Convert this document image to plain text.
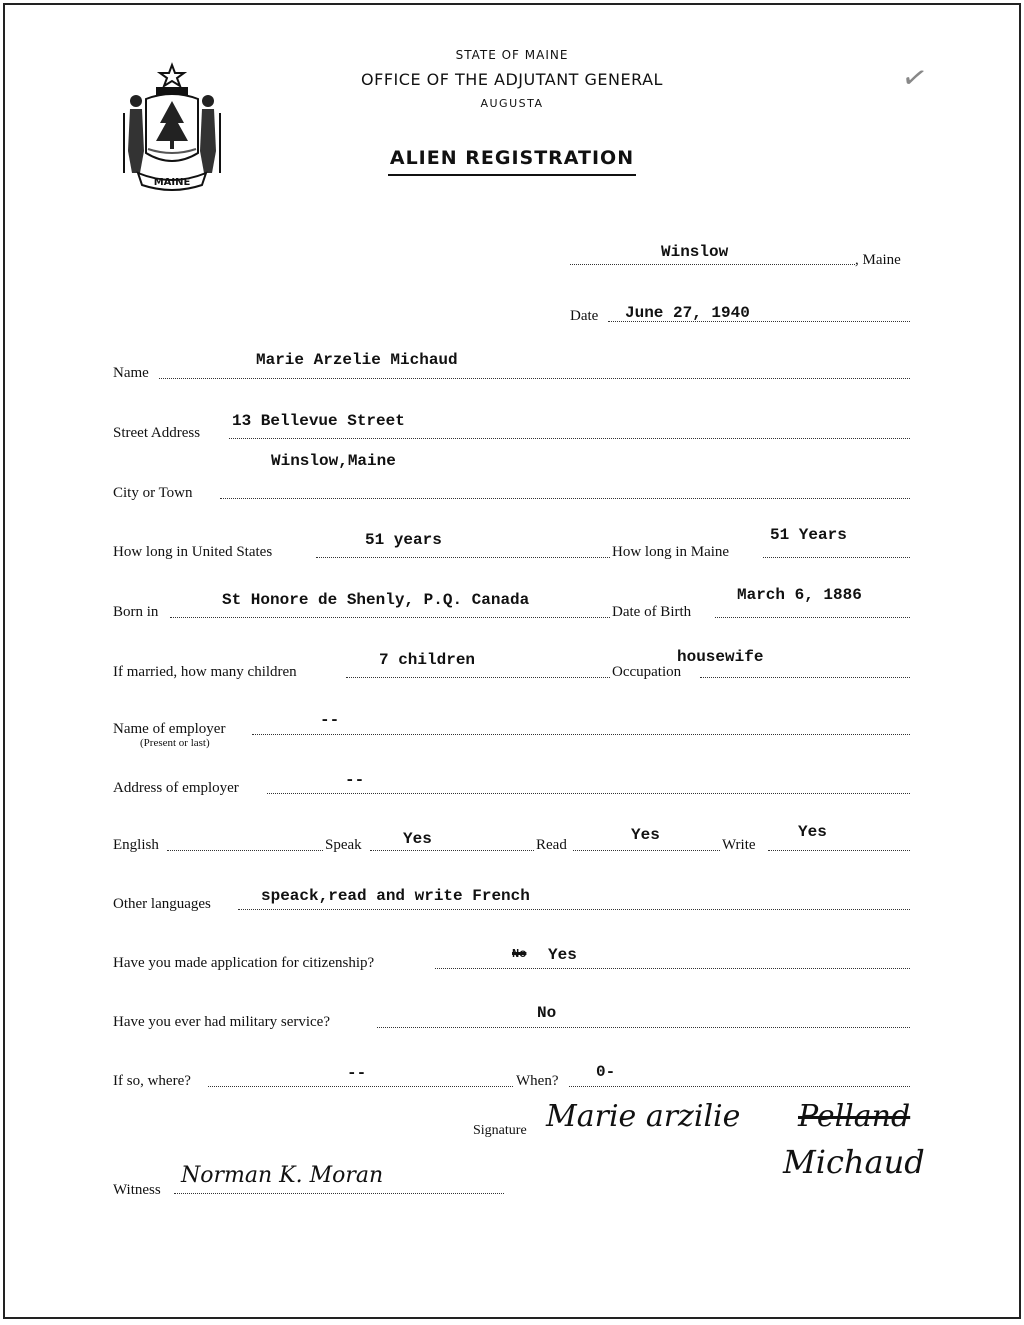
MAINE
✓
STATE OF MAINE
OFFICE OF THE ADJUTANT GENERAL
AUGUSTA
ALIEN REGISTRATION
Winslow	, Maine
Date June 27, 1940
Name
Marie Arzelie Michaud
Street Address
13 Bellevue Street
Winslow,Maine
City or Town
How long in United States
51 years
How long in Maine
51 Years
Born in
St Honore de Shenly, P.Q. Canada
Date of Birth
March 6, 1886
If married, how many children
7 children
Occupation
housewife
Name of employer
(Present or last)
--
Address of employer	--
English	Speak	Yes	Read
Yes
Write
Yes
Other languages	speack,read and write French
Have you made application for citizenship?
No Yes
Have you ever had military service?	No
If so, where?	--	When? 0-
Signature Marie arzilie Pelland
Michaud
Witness
Norman K. Moran
